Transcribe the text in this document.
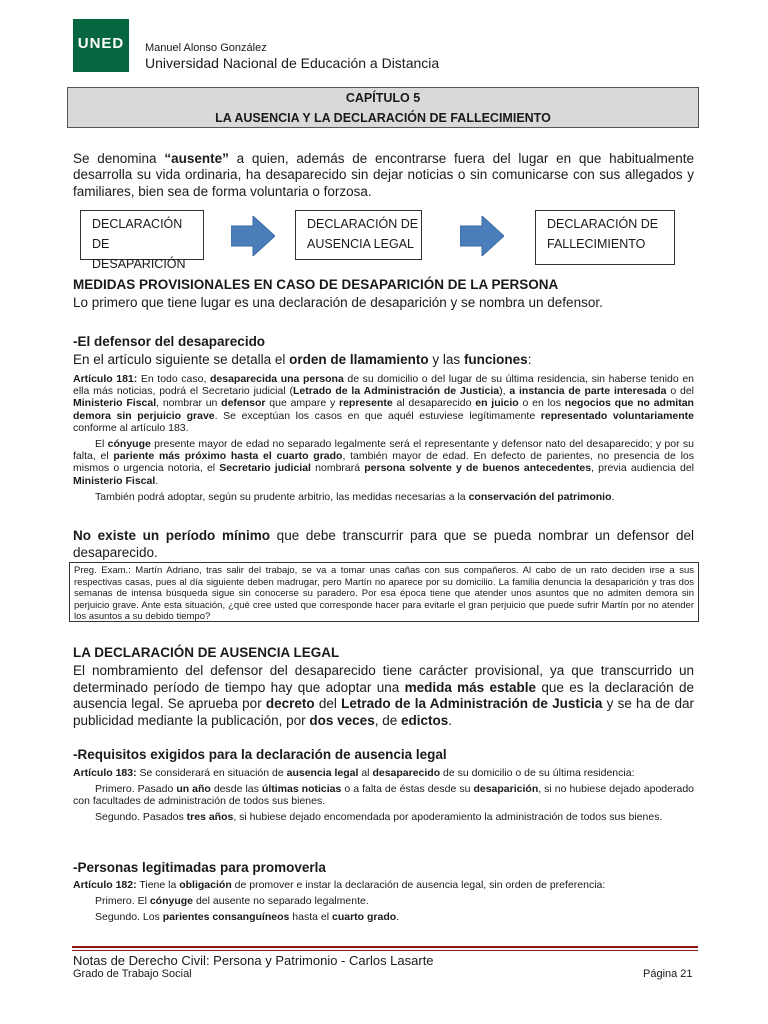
UNED Manuel Alonso González
Universidad Nacional de Educación a Distancia
CAPÍTULO 5
LA AUSENCIA Y LA DECLARACIÓN DE FALLECIMIENTO
Se denomina “ausente” a quien, además de encontrarse fuera del lugar en que habitualmente desarrolla su vida ordinaria, ha desaparecido sin dejar noticias o sin comunicarse con sus allegados y familiares, bien sea de forma voluntaria o forzosa.
DECLARACIÓN DE
DESAPARICIÓN
DECLARACIÓN DE
AUSENCIA LEGAL
DECLARACIÓN DE
FALLECIMIENTO
MEDIDAS PROVISIONALES EN CASO DE DESAPARICIÓN DE LA PERSONA
Lo primero que tiene lugar es una declaración de desaparición y se nombra un defensor.
-El defensor del desaparecido
En el artículo siguiente se detalla el orden de llamamiento y las funciones:
Artículo 181: En todo caso, desaparecida una persona de su domicilio o del lugar de su última residencia, sin haberse tenido en ella más noticias, podrá el Secretario judicial (Letrado de la Administración de Justicia), a instancia de parte interesada o del Ministerio Fiscal, nombrar un defensor que ampare y represente al desaparecido en juicio o en los negocios que no admitan demora sin perjuicio grave. Se exceptúan los casos en que aquél estuviese legítimamente representado voluntariamente conforme al artículo 183.
El cónyuge presente mayor de edad no separado legalmente será el representante y defensor nato del desaparecido; y por su falta, el pariente más próximo hasta el cuarto grado, también mayor de edad. En defecto de parientes, no presencia de los mismos o urgencia notoria, el Secretario judicial nombrará persona solvente y de buenos antecedentes, previa audiencia del Ministerio Fiscal.
También podrá adoptar, según su prudente arbitrio, las medidas necesarias a la conservación del patrimonio.
No existe un período mínimo que debe transcurrir para que se pueda nombrar un defensor del desaparecido.
Preg. Exam.: Martín Adriano, tras salir del trabajo, se va a tomar unas cañas con sus compañeros. Al cabo de un rato deciden irse a sus respectivas casas, pues al día siguiente deben madrugar, pero Martín no aparece por su domicilio. La familia denuncia la desaparición y tras dos semanas de intensa búsqueda sigue sin conocerse su paradero. Por esa época tiene que atender unos asuntos que no admiten demora sin perjuicio grave. Ante esta situación, ¿qué cree usted que corresponde hacer para evitarle el gran perjuicio que puede sufrir Martín por no atender los asuntos a su debido tiempo?
LA DECLARACIÓN DE AUSENCIA LEGAL
El nombramiento del defensor del desaparecido tiene carácter provisional, ya que transcurrido un determinado período de tiempo hay que adoptar una medida más estable que es la declaración de ausencia legal. Se aprueba por decreto del Letrado de la Administración de Justicia y se ha de dar publicidad mediante la publicación, por dos veces, de edictos.
-Requisitos exigidos para la declaración de ausencia legal
Artículo 183: Se considerará en situación de ausencia legal al desaparecido de su domicilio o de su última residencia:
Primero. Pasado un año desde las últimas noticias o a falta de éstas desde su desaparición, si no hubiese dejado apoderado con facultades de administración de todos sus bienes.
Segundo. Pasados tres años, si hubiese dejado encomendada por apoderamiento la administración de todos sus bienes.
-Personas legitimadas para promoverla
Artículo 182: Tiene la obligación de promover e instar la declaración de ausencia legal, sin orden de preferencia:
Primero. El cónyuge del ausente no separado legalmente.
Segundo. Los parientes consanguíneos hasta el cuarto grado.
Notas de Derecho Civil: Persona y Patrimonio - Carlos Lasarte
Grado de Trabajo Social	Página 21
